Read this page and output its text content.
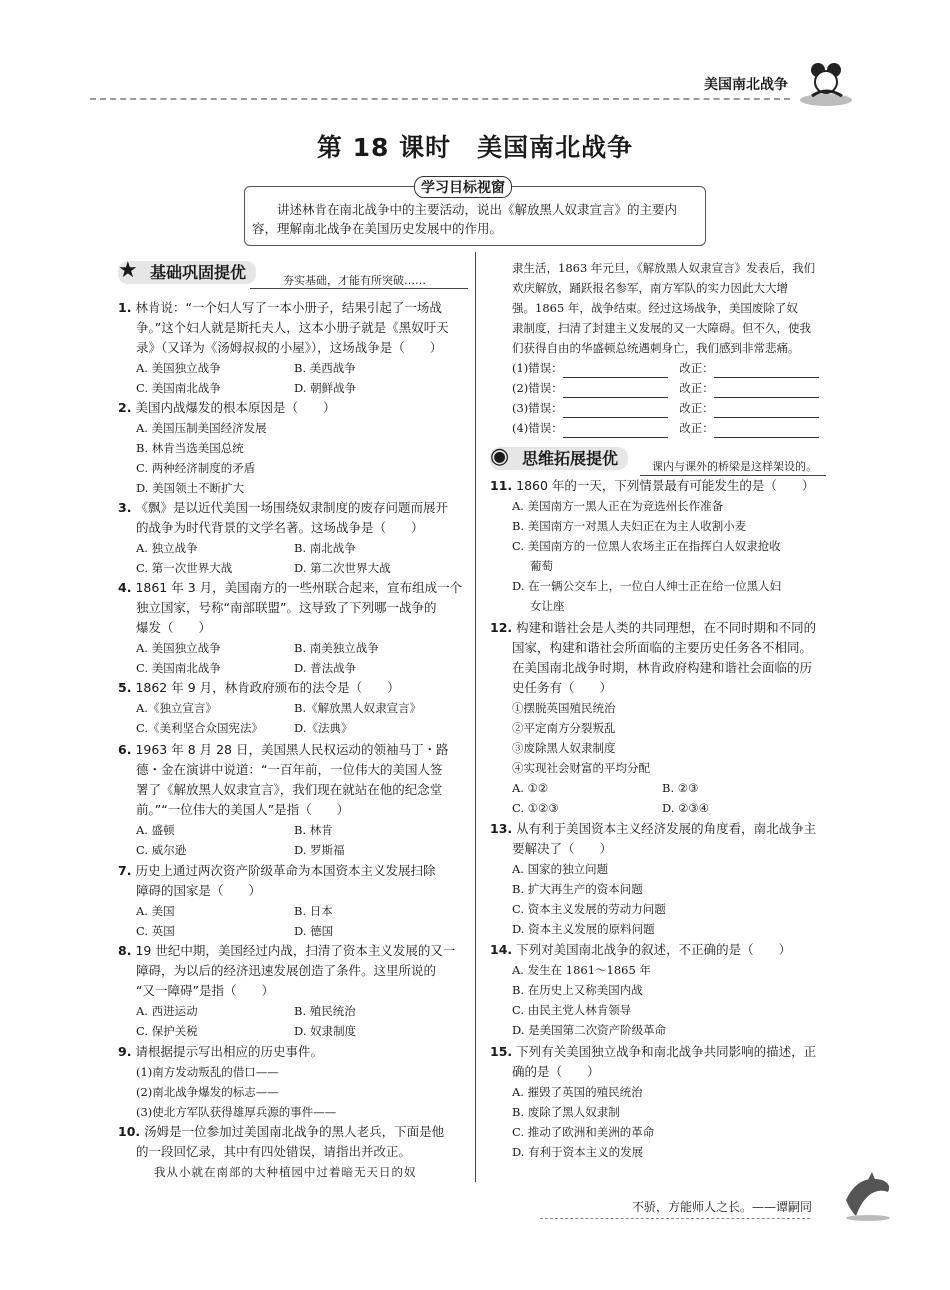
美国南北战争
第 18 课时　美国南北战争
学习目标视窗
讲述林肯在南北战争中的主要活动，说出《解放黑人奴隶宣言》的主要内容，理解南北战争在美国历史发展中的作用。
★ 基础巩固提优	夯实基础，才能有所突破……
1. 林肯说：“一个妇人写了一本小册子，结果引起了一场战
争。”这个妇人就是斯托夫人，这本小册子就是《黑奴吁天
录》（又译为《汤姆叔叔的小屋》），这场战争是（　　）
A. 美国独立战争	B. 美西战争
C. 美国南北战争	D. 朝鲜战争
2. 美国内战爆发的根本原因是（　　）
A. 美国压制美国经济发展
B. 林肯当选美国总统
C. 两种经济制度的矛盾
D. 美国领土不断扩大
3. 《飘》是以近代美国一场围绕奴隶制度的废存问题而展开
的战争为时代背景的文学名著。这场战争是（　　）
A. 独立战争	B. 南北战争
C. 第一次世界大战	D. 第二次世界大战
4. 1861 年 3 月，美国南方的一些州联合起来，宣布组成一个
独立国家，号称“南部联盟”。这导致了下列哪一战争的
爆发（　　）
A. 美国独立战争	B. 南美独立战争
C. 美国南北战争	D. 普法战争
5. 1862 年 9 月，林肯政府颁布的法令是（　　）
A.《独立宣言》	B.《解放黑人奴隶宣言》
C.《美利坚合众国宪法》	D.《法典》
6. 1963 年 8 月 28 日，美国黑人民权运动的领袖马丁・路
德・金在演讲中说道：“一百年前，一位伟大的美国人签
署了《解放黑人奴隶宣言》，我们现在就站在他的纪念堂
前。”“一位伟大的美国人”是指（　　）
A. 盛顿	B. 林肯
C. 威尔逊	D. 罗斯福
7. 历史上通过两次资产阶级革命为本国资本主义发展扫除
障碍的国家是（　　）
A. 美国	B. 日本
C. 英国	D. 德国
8. 19 世纪中期，美国经过内战，扫清了资本主义发展的又一
障碍，为以后的经济迅速发展创造了条件。这里所说的
“又一障碍”是指（　　）
A. 西进运动	B. 殖民统治
C. 保护关税	D. 奴隶制度
9. 请根据提示写出相应的历史事件。
(1)南方发动叛乱的借口——
(2)南北战争爆发的标志——
(3)使北方军队获得雄厚兵源的事件——
10. 汤姆是一位参加过美国南北战争的黑人老兵，下面是他
的一段回忆录，其中有四处错误，请指出并改正。
我从小就在南部的大种植园中过着暗无天日的奴
隶生活，1863 年元旦，《解放黑人奴隶宣言》发表后，我们
欢庆解放，踊跃报名参军，南方军队的实力因此大大增
强。1865 年，战争结束。经过这场战争，美国废除了奴
隶制度，扫清了封建主义发展的又一大障碍。但不久，使我
们获得自由的华盛顿总统遇刺身亡，我们感到非常悲痛。
(1)错误：　	改正：
(2)错误：　	改正：
(3)错误：　	改正：
(4)错误：　	改正：
◉ 思维拓展提优	课内与课外的桥梁是这样架设的。
11. 1860 年的一天，下列情景最有可能发生的是（　　）
A. 美国南方一黑人正在为竞选州长作准备
B. 美国南方一对黑人夫妇正在为主人收割小麦
C. 美国南方的一位黑人农场主正在指挥白人奴隶抢收
葡萄
D. 在一辆公交车上，一位白人绅士正在给一位黑人妇
女让座
12. 构建和谐社会是人类的共同理想，在不同时期和不同的
国家，构建和谐社会所面临的主要历史任务各不相同。
在美国南北战争时期，林肯政府构建和谐社会面临的历
史任务有（　　）
①摆脱英国殖民统治
②平定南方分裂叛乱
③废除黑人奴隶制度
④实现社会财富的平均分配
A. ①②	B. ②③
C. ①②③	D. ②③④
13. 从有利于美国资本主义经济发展的角度看，南北战争主
要解决了（　　）
A. 国家的独立问题
B. 扩大再生产的资本问题
C. 资本主义发展的劳动力问题
D. 资本主义发展的原料问题
14. 下列对美国南北战争的叙述，不正确的是（　　）
A. 发生在 1861～1865 年
B. 在历史上又称美国内战
C. 由民主党人林肯领导
D. 是美国第二次资产阶级革命
15. 下列有关美国独立战争和南北战争共同影响的描述，正
确的是（　　）
A. 摧毁了英国的殖民统治
B. 废除了黑人奴隶制
C. 推动了欧洲和美洲的革命
D. 有利于资本主义的发展
不骄，方能师人之长。——谭嗣同
